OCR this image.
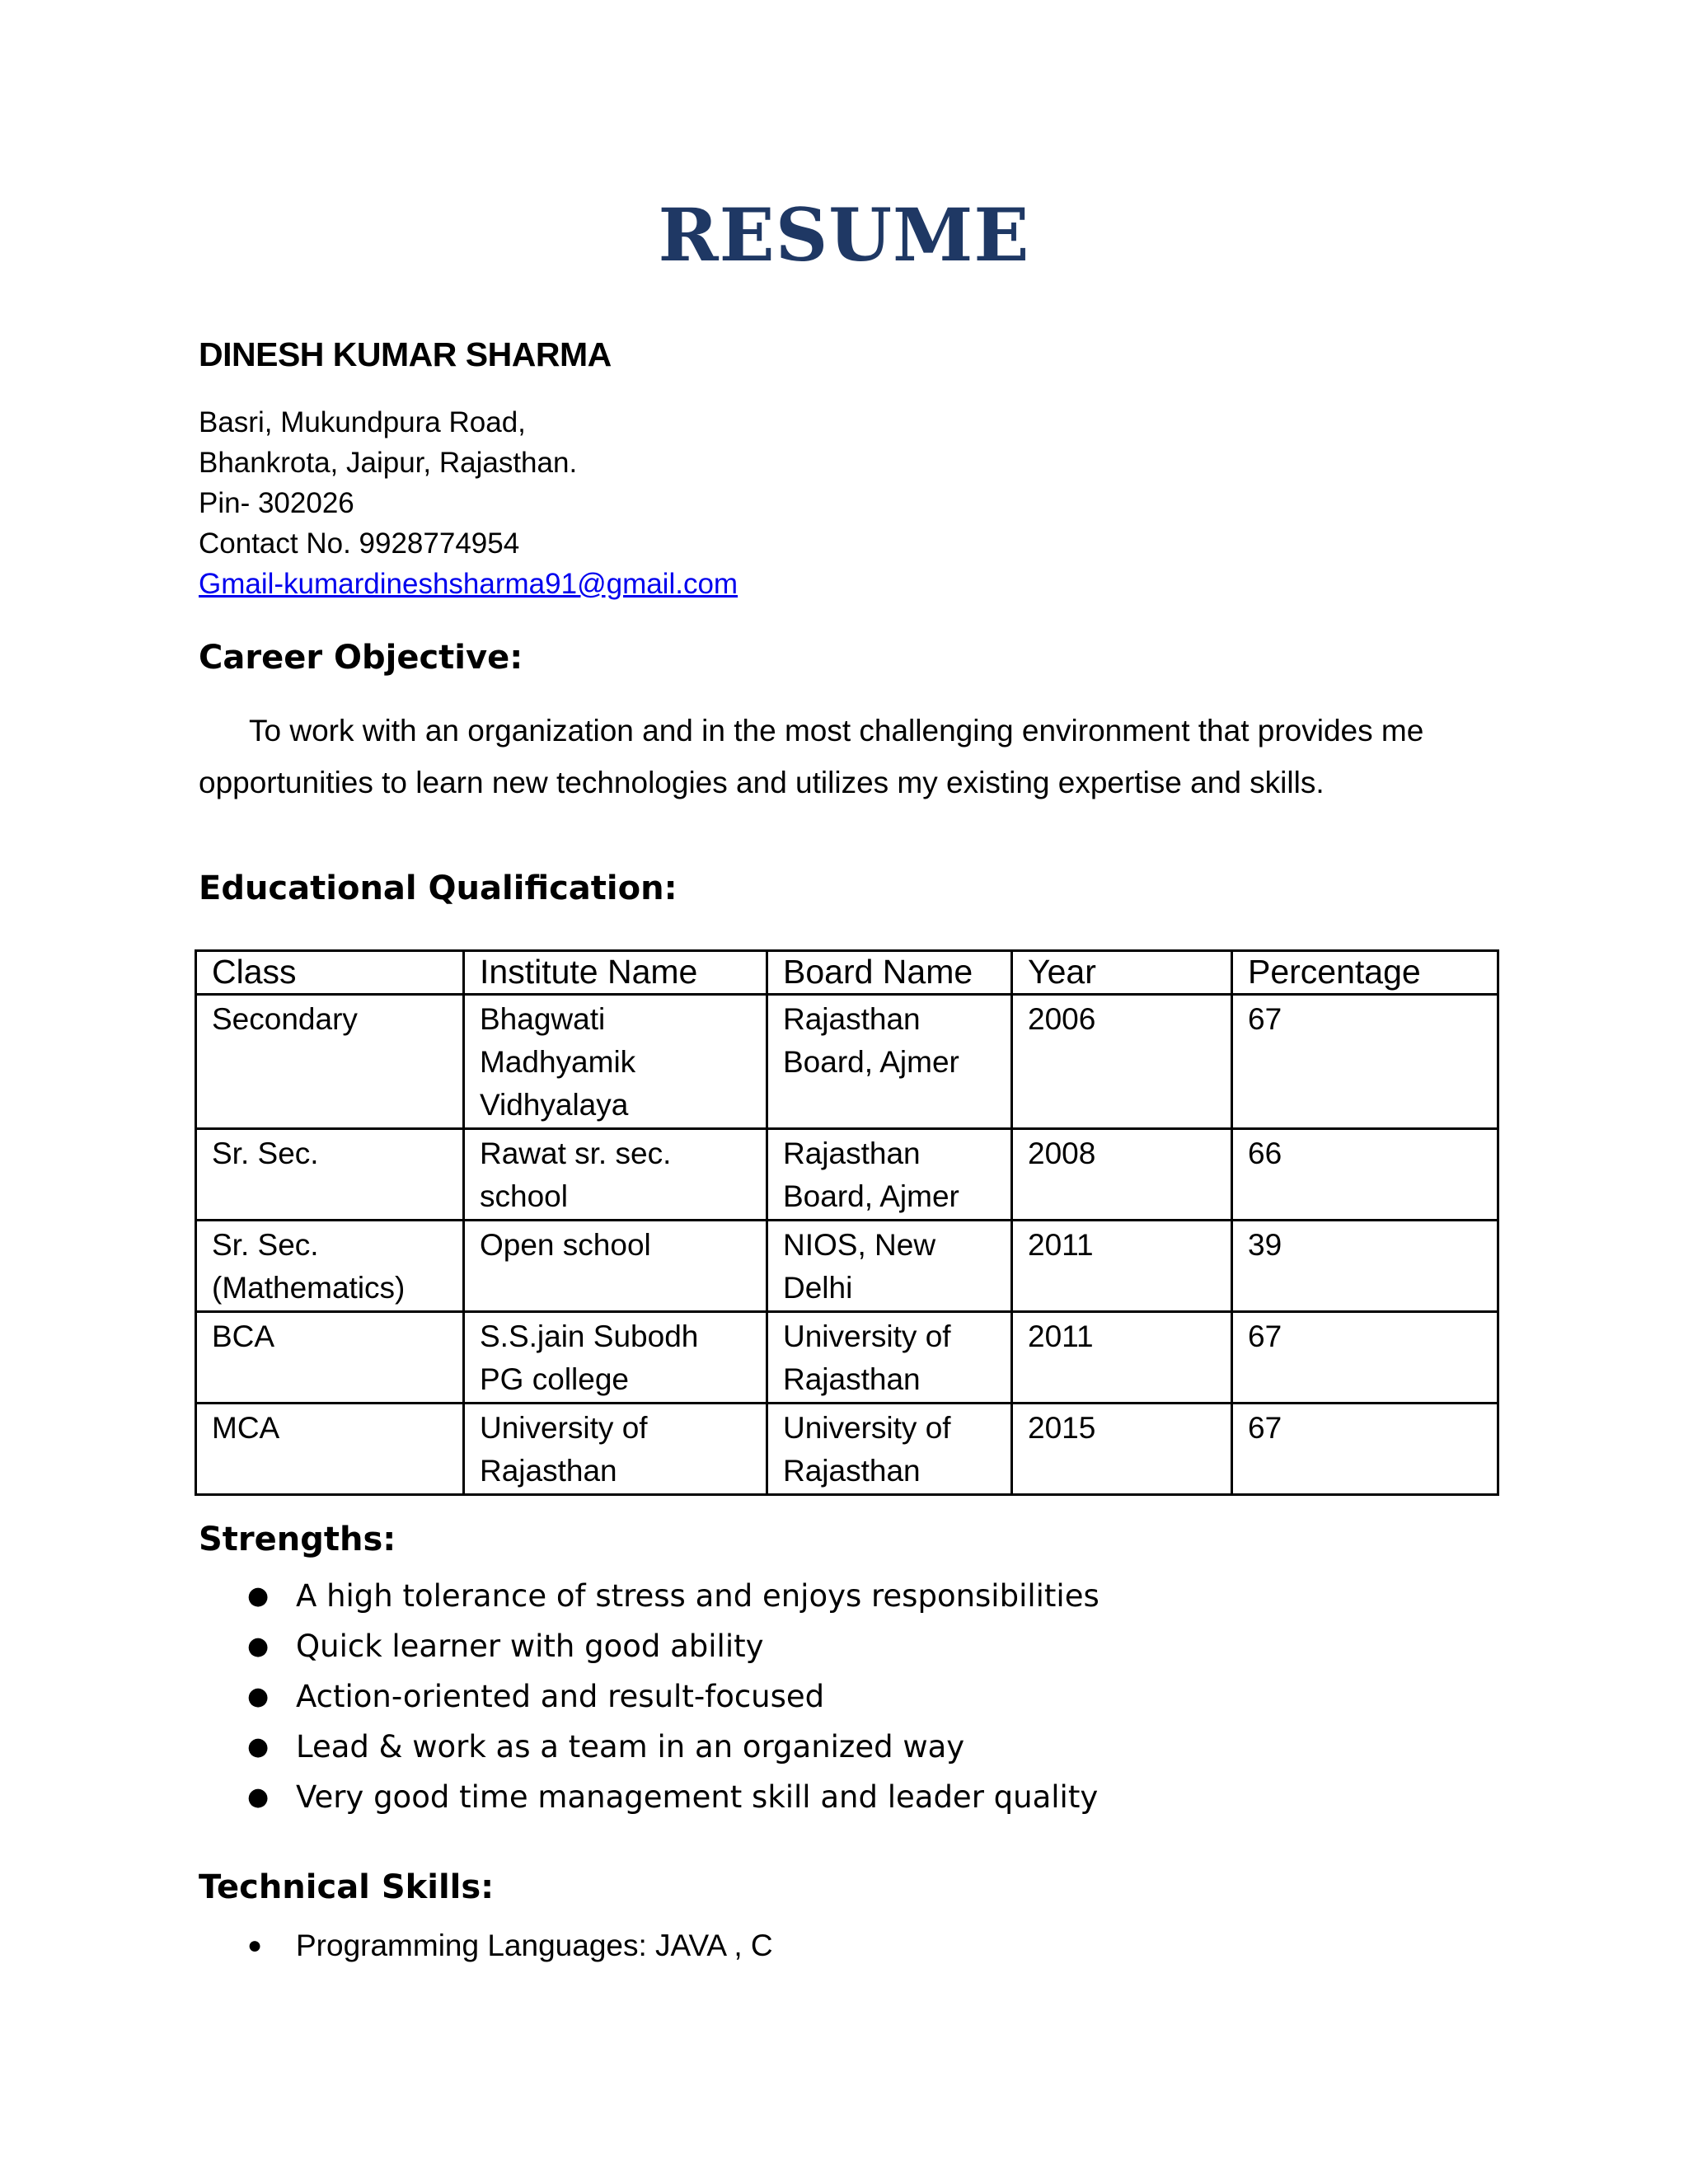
RESUME
DINESH KUMAR SHARMA
Basri, Mukundpura Road,
Bhankrota, Jaipur, Rajasthan.
Pin- 302026
Contact No. 9928774954
Gmail-kumardineshsharma91@gmail.com
Career Objective:
To work with an organization and in the most challenging environment that provides me opportunities to learn new technologies and utilizes my existing expertise and skills.
Educational Qualification:
Class	Institute Name	Board Name	Year	Percentage
Secondary	Bhagwati Madhyamik Vidhyalaya	Rajasthan Board, Ajmer	2006	67
Sr. Sec.	Rawat sr. sec. school	Rajasthan Board, Ajmer	2008	66
Sr. Sec. (Mathematics)	Open school	NIOS, New Delhi	2011	39
BCA	S.S.jain Subodh PG college	University of Rajasthan	2011	67
MCA	University of Rajasthan	University of Rajasthan	2015	67
Strengths:
● A high tolerance of stress and enjoys responsibilities
● Quick learner with good ability
● Action-oriented and result-focused
● Lead & work as a team in an organized way
● Very good time management skill and leader quality
Technical Skills:
● Programming Languages: JAVA , C
